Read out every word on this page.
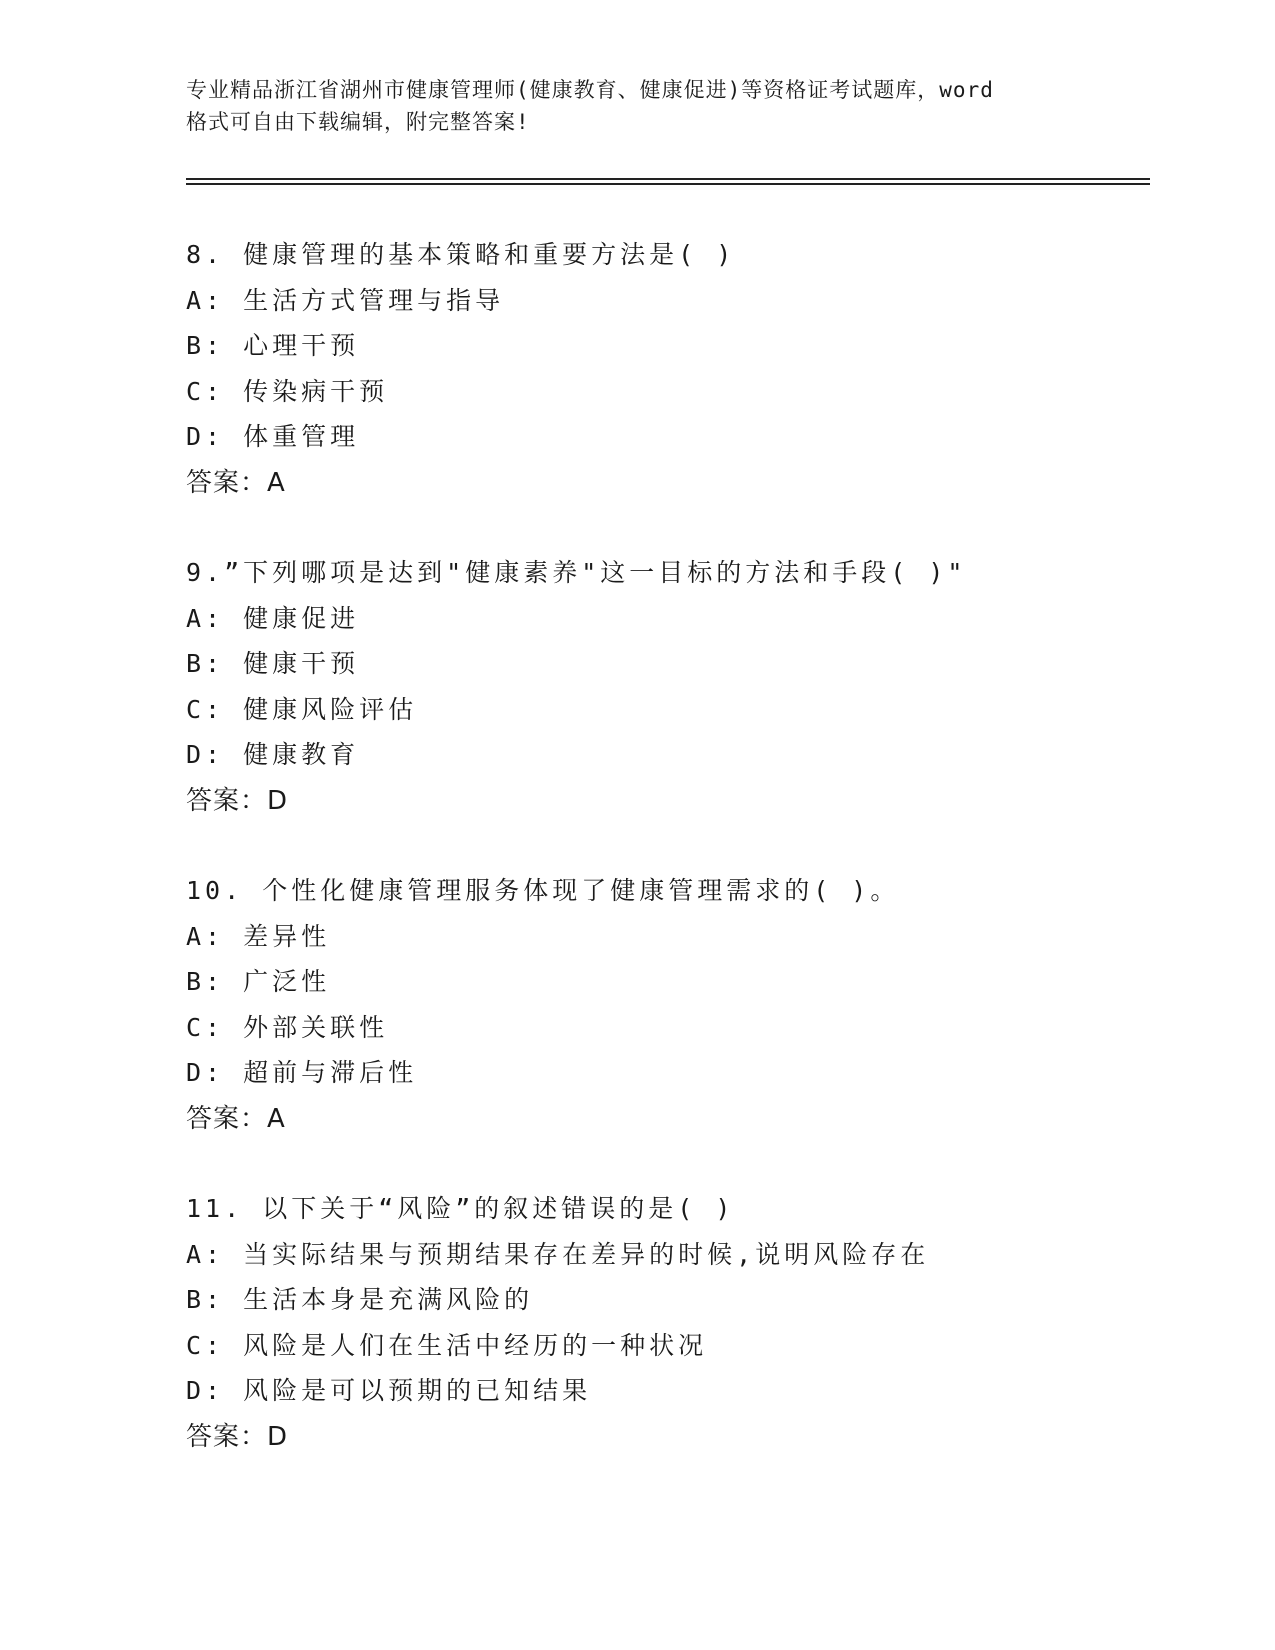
专业精品浙江省湖州市健康管理师(健康教育、健康促进)等资格证考试题库，word
格式可自由下载编辑，附完整答案!
8. 健康管理的基本策略和重要方法是( )
A: 生活方式管理与指导
B: 心理干预
C: 传染病干预
D: 体重管理
答案：A
9.”下列哪项是达到"健康素养"这一目标的方法和手段( )"
A: 健康促进
B: 健康干预
C: 健康风险评估
D: 健康教育
答案：D
10. 个性化健康管理服务体现了健康管理需求的( )。
A: 差异性
B: 广泛性
C: 外部关联性
D: 超前与滞后性
答案：A
11. 以下关于“风险”的叙述错误的是( )
A: 当实际结果与预期结果存在差异的时候,说明风险存在
B: 生活本身是充满风险的
C: 风险是人们在生活中经历的一种状况
D: 风险是可以预期的已知结果
答案：D
